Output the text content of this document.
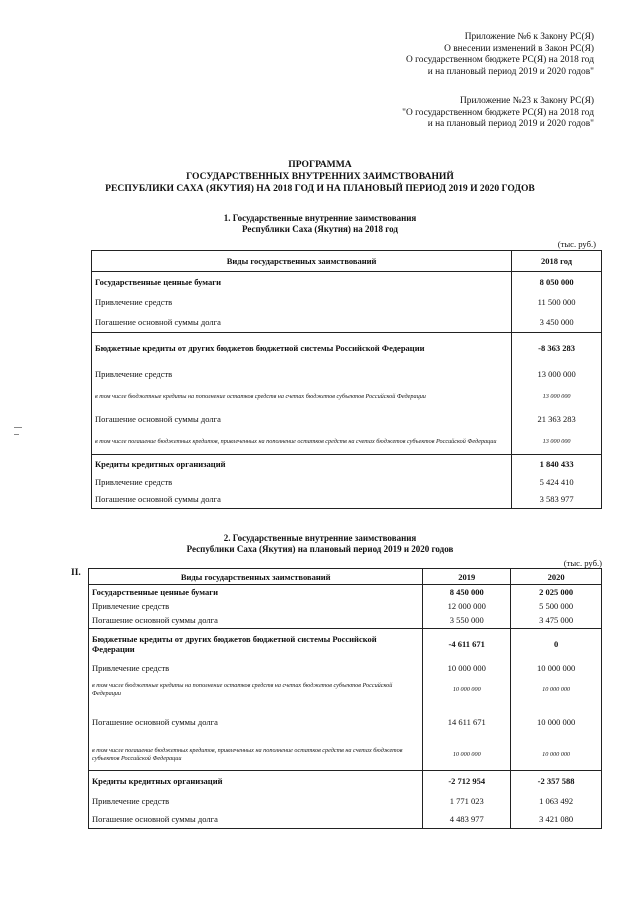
Приложение №6 к Закону РС(Я)
О внесении изменений в Закон РС(Я)
О государственном бюджете РС(Я) на 2018 год
и на плановый период 2019 и 2020 годов"
Приложение №23 к Закону РС(Я)
"О государственном бюджете РС(Я) на 2018 год
и на плановый период 2019 и 2020 годов"
ПРОГРАММА
ГОСУДАРСТВЕННЫХ ВНУТРЕННИХ ЗАИМСТВОВАНИЙ
РЕСПУБЛИКИ САХА (ЯКУТИЯ) НА 2018 ГОД И НА ПЛАНОВЫЙ ПЕРИОД 2019 И 2020 ГОДОВ
1. Государственные внутренние заимствования
Республики Саха (Якутия) на 2018 год
(тыс. руб.)
Виды государственных заимствований	2018 год
Государственные ценные бумаги	8 050 000
Привлечение средств	11 500 000
Погашение основной суммы долга	3 450 000
Бюджетные кредиты от других бюджетов бюджетной системы Российской Федерации	-8 363 283
Привлечение средств	13 000 000
в том числе бюджетные кредиты на пополнение остатков средств на счетах бюджетов субъектов Российской Федерации	13 000 000
Погашение основной суммы долга	21 363 283
в том числе погашение бюджетных кредитов, привлеченных на пополнение остатков средств на счетах бюджетов субъектов Российской Федерации	13 000 000
Кредиты кредитных организаций	1 840 433
Привлечение средств	5 424 410
Погашение основной суммы долга	3 583 977
2. Государственные внутренние заимствования
Республики Саха (Якутия) на плановый период 2019 и 2020 годов
(тыс. руб.)
II.	Виды государственных заимствований	2019	2020
Государственные ценные бумаги	8 450 000	2 025 000
Привлечение средств	12 000 000	5 500 000
Погашение основной суммы долга	3 550 000	3 475 000
Бюджетные кредиты от других бюджетов бюджетной системы Российской Федерации	-4 611 671	0
Привлечение средств	10 000 000	10 000 000
в том числе бюджетные кредиты на пополнение остатков средств на счетах бюджетов субъектов Российской Федерации	10 000 000	10 000 000
Погашение основной суммы долга	14 611 671	10 000 000
в том числе погашение бюджетных кредитов, привлеченных на пополнение остатков средств на счетах бюджетов субъектов Российской Федерации	10 000 000	10 000 000
Кредиты кредитных организаций	-2 712 954	-2 357 588
Привлечение средств	1 771 023	1 063 492
Погашение основной суммы долга	4 483 977	3 421 080
